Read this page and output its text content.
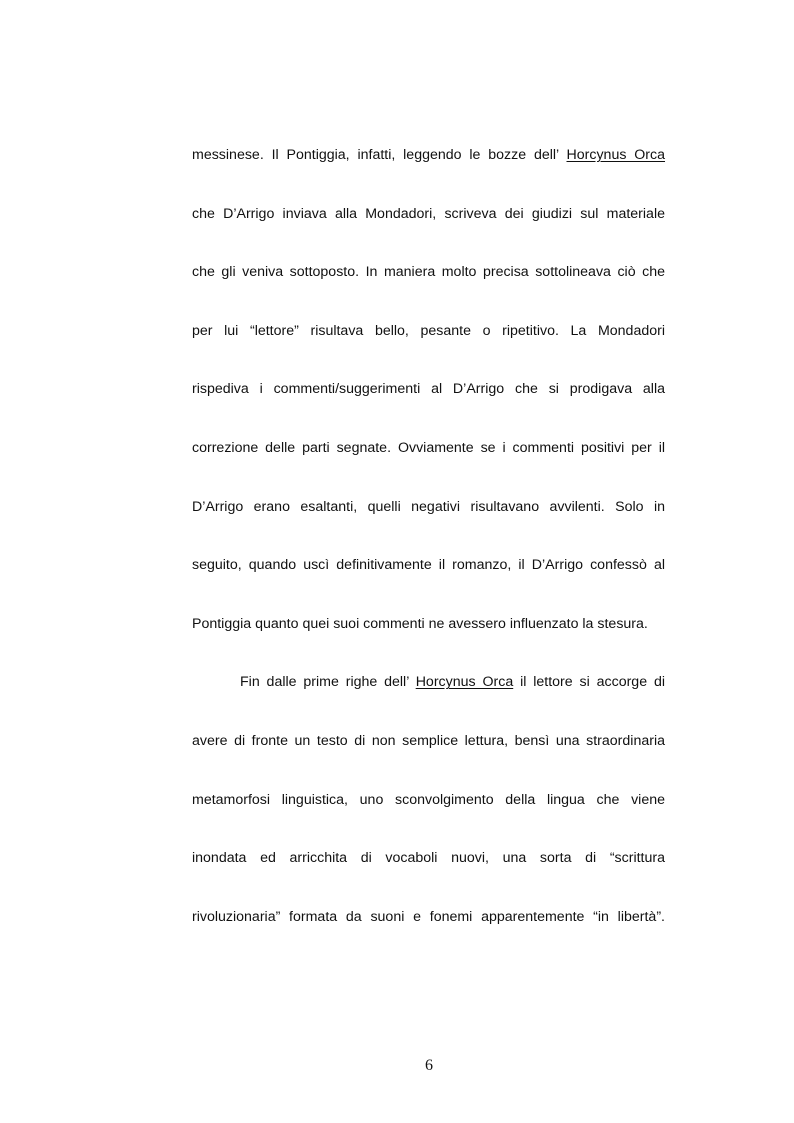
messinese. Il Pontiggia, infatti, leggendo le bozze dell’ Horcynus Orca
che D’Arrigo inviava alla Mondadori, scriveva dei giudizi sul materiale
che gli veniva sottoposto. In maniera molto precisa sottolineava ciò che
per lui “lettore” risultava bello, pesante o ripetitivo. La Mondadori
rispediva i commenti/suggerimenti al D’Arrigo che si prodigava alla
correzione delle parti segnate. Ovviamente se i commenti positivi per il
D’Arrigo erano esaltanti, quelli negativi risultavano avvilenti. Solo in
seguito, quando uscì definitivamente il romanzo, il D’Arrigo confessò al
Pontiggia quanto quei suoi commenti ne avessero influenzato la stesura.
Fin dalle prime righe dell’ Horcynus Orca il lettore si accorge di
avere di fronte un testo di non semplice lettura, bensì una straordinaria
metamorfosi linguistica, uno sconvolgimento della lingua che viene
inondata ed arricchita di vocaboli nuovi, una sorta di “scrittura
rivoluzionaria” formata da suoni e fonemi apparentemente “in libertà”.
6
